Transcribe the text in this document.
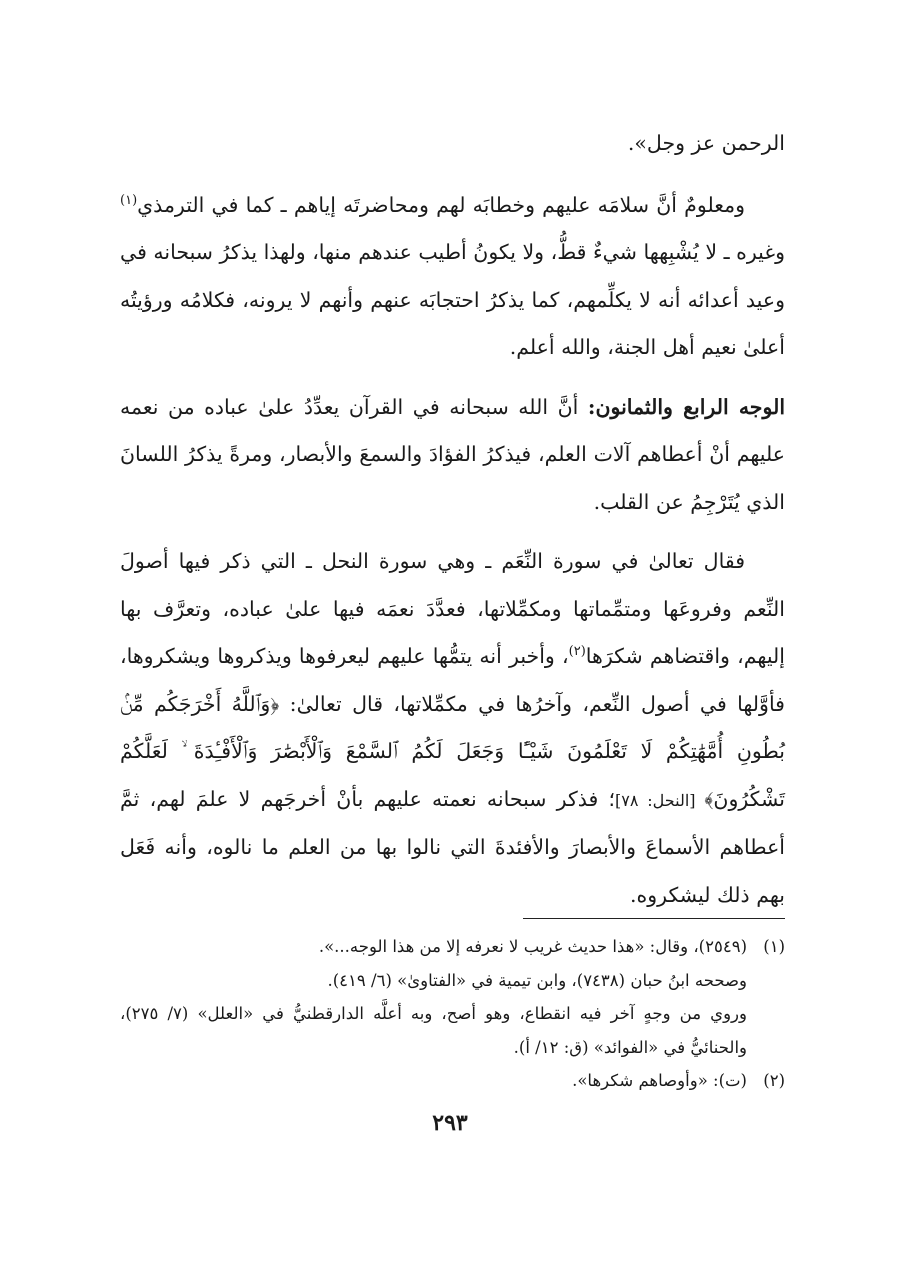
الرحمن عز وجل».

ومعلومٌ أنَّ سلامَه عليهم وخطابَه لهم ومحاضرتَه إياهم ـ كما في الترمذي$^{(١)}$ وغيره ـ لا يُشْبِهها شيءٌ قطُّ، ولا يكونُ أطيب عندهم منها، ولهذا يذكرُ سبحانه في وعيد أعدائه أنه لا يكلِّمهم، كما يذكرُ احتجابَه عنهم وأنهم لا يرونه، فكلامُه ورؤيتُه أعلىٰ نعيم أهل الجنة، والله أعلم.

الوجه الرابع والثمانون: أنَّ الله سبحانه في القرآن يعدِّدُ علىٰ عباده من نعمه عليهم أنْ أعطاهم آلات العلم، فيذكرُ الفؤادَ والسمعَ والأبصار، ومرةً يذكرُ اللسانَ الذي يُتَرْجِمُ عن القلب.

فقال تعالىٰ في سورة النِّعَم ـ وهي سورة النحل ـ التي ذكر فيها أصولَ النِّعم وفروعَها ومتمِّماتها ومكمِّلاتها، فعدَّدَ نعمَه فيها علىٰ عباده، وتعرَّف بها إليهم، واقتضاهم شكرَها$^{(٢)}$، وأخبر أنه يتمُّها عليهم ليعرفوها ويذكروها ويشكروها، فأوَّلها في أصول النِّعم، وآخرُها في مكمِّلاتها، قال تعالىٰ: ﴿وَٱللَّهُ أَخْرَجَكُم مِّنۢ بُطُونِ أُمَّهَٰتِكُمْ لَا تَعْلَمُونَ شَيْـًٔا وَجَعَلَ لَكُمُ ٱلسَّمْعَ وَٱلْأَبْصَٰرَ وَٱلْأَفْـِٔدَةَ ۙ لَعَلَّكُمْ تَشْكُرُونَ﴾ [النحل: ٧٨]؛ فذكر سبحانه نعمته عليهم بأنْ أخرجَهم لا علمَ لهم، ثمَّ أعطاهم الأسماعَ والأبصارَ والأفئدةَ التي نالوا بها من العلم ما نالوه، وأنه فَعَل بهم ذلك ليشكروه.

(١)(٢٥٤٩)، وقال: «هذا حديث غريب لا نعرفه إلا من هذا الوجه...».

وصححه ابنُ حبان (٧٤٣٨)، وابن تيمية في «الفتاوىٰ» (٦/ ٤١٩).

وروي من وجهٍ آخر فيه انقطاع، وهو أصح، وبه أعلَّه الدارقطنيُّ في «العلل» (٧/ ٢٧٥)، والحنائيُّ في «الفوائد» (ق: ١٢/ أ).

(٢)(ت): «وأوصاهم شكرها».

٢٩٣
